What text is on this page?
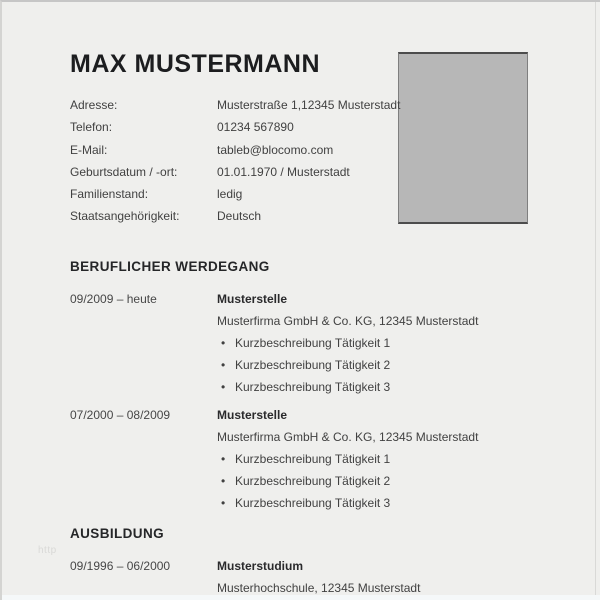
MAX MUSTERMANN
Adresse:	Musterstraße 1,12345 Musterstadt
Telefon:	01234 567890
E-Mail:	tableb@blocomo.com
Geburtsdatum / -ort:	01.01.1970 / Musterstadt
Familienstand:	ledig
Staatsangehörigkeit:	Deutsch
BERUFLICHER WERDEGANG
09/2009 – heute	Musterstelle
Musterfirma GmbH & Co. KG, 12345 Musterstadt
• Kurzbeschreibung Tätigkeit 1
• Kurzbeschreibung Tätigkeit 2
• Kurzbeschreibung Tätigkeit 3
07/2000 – 08/2009	Musterstelle
Musterfirma GmbH & Co. KG, 12345 Musterstadt
• Kurzbeschreibung Tätigkeit 1
• Kurzbeschreibung Tätigkeit 2
• Kurzbeschreibung Tätigkeit 3
http
AUSBILDUNG
09/1996 – 06/2000	Musterstudium
Musterhochschule, 12345 Musterstadt
